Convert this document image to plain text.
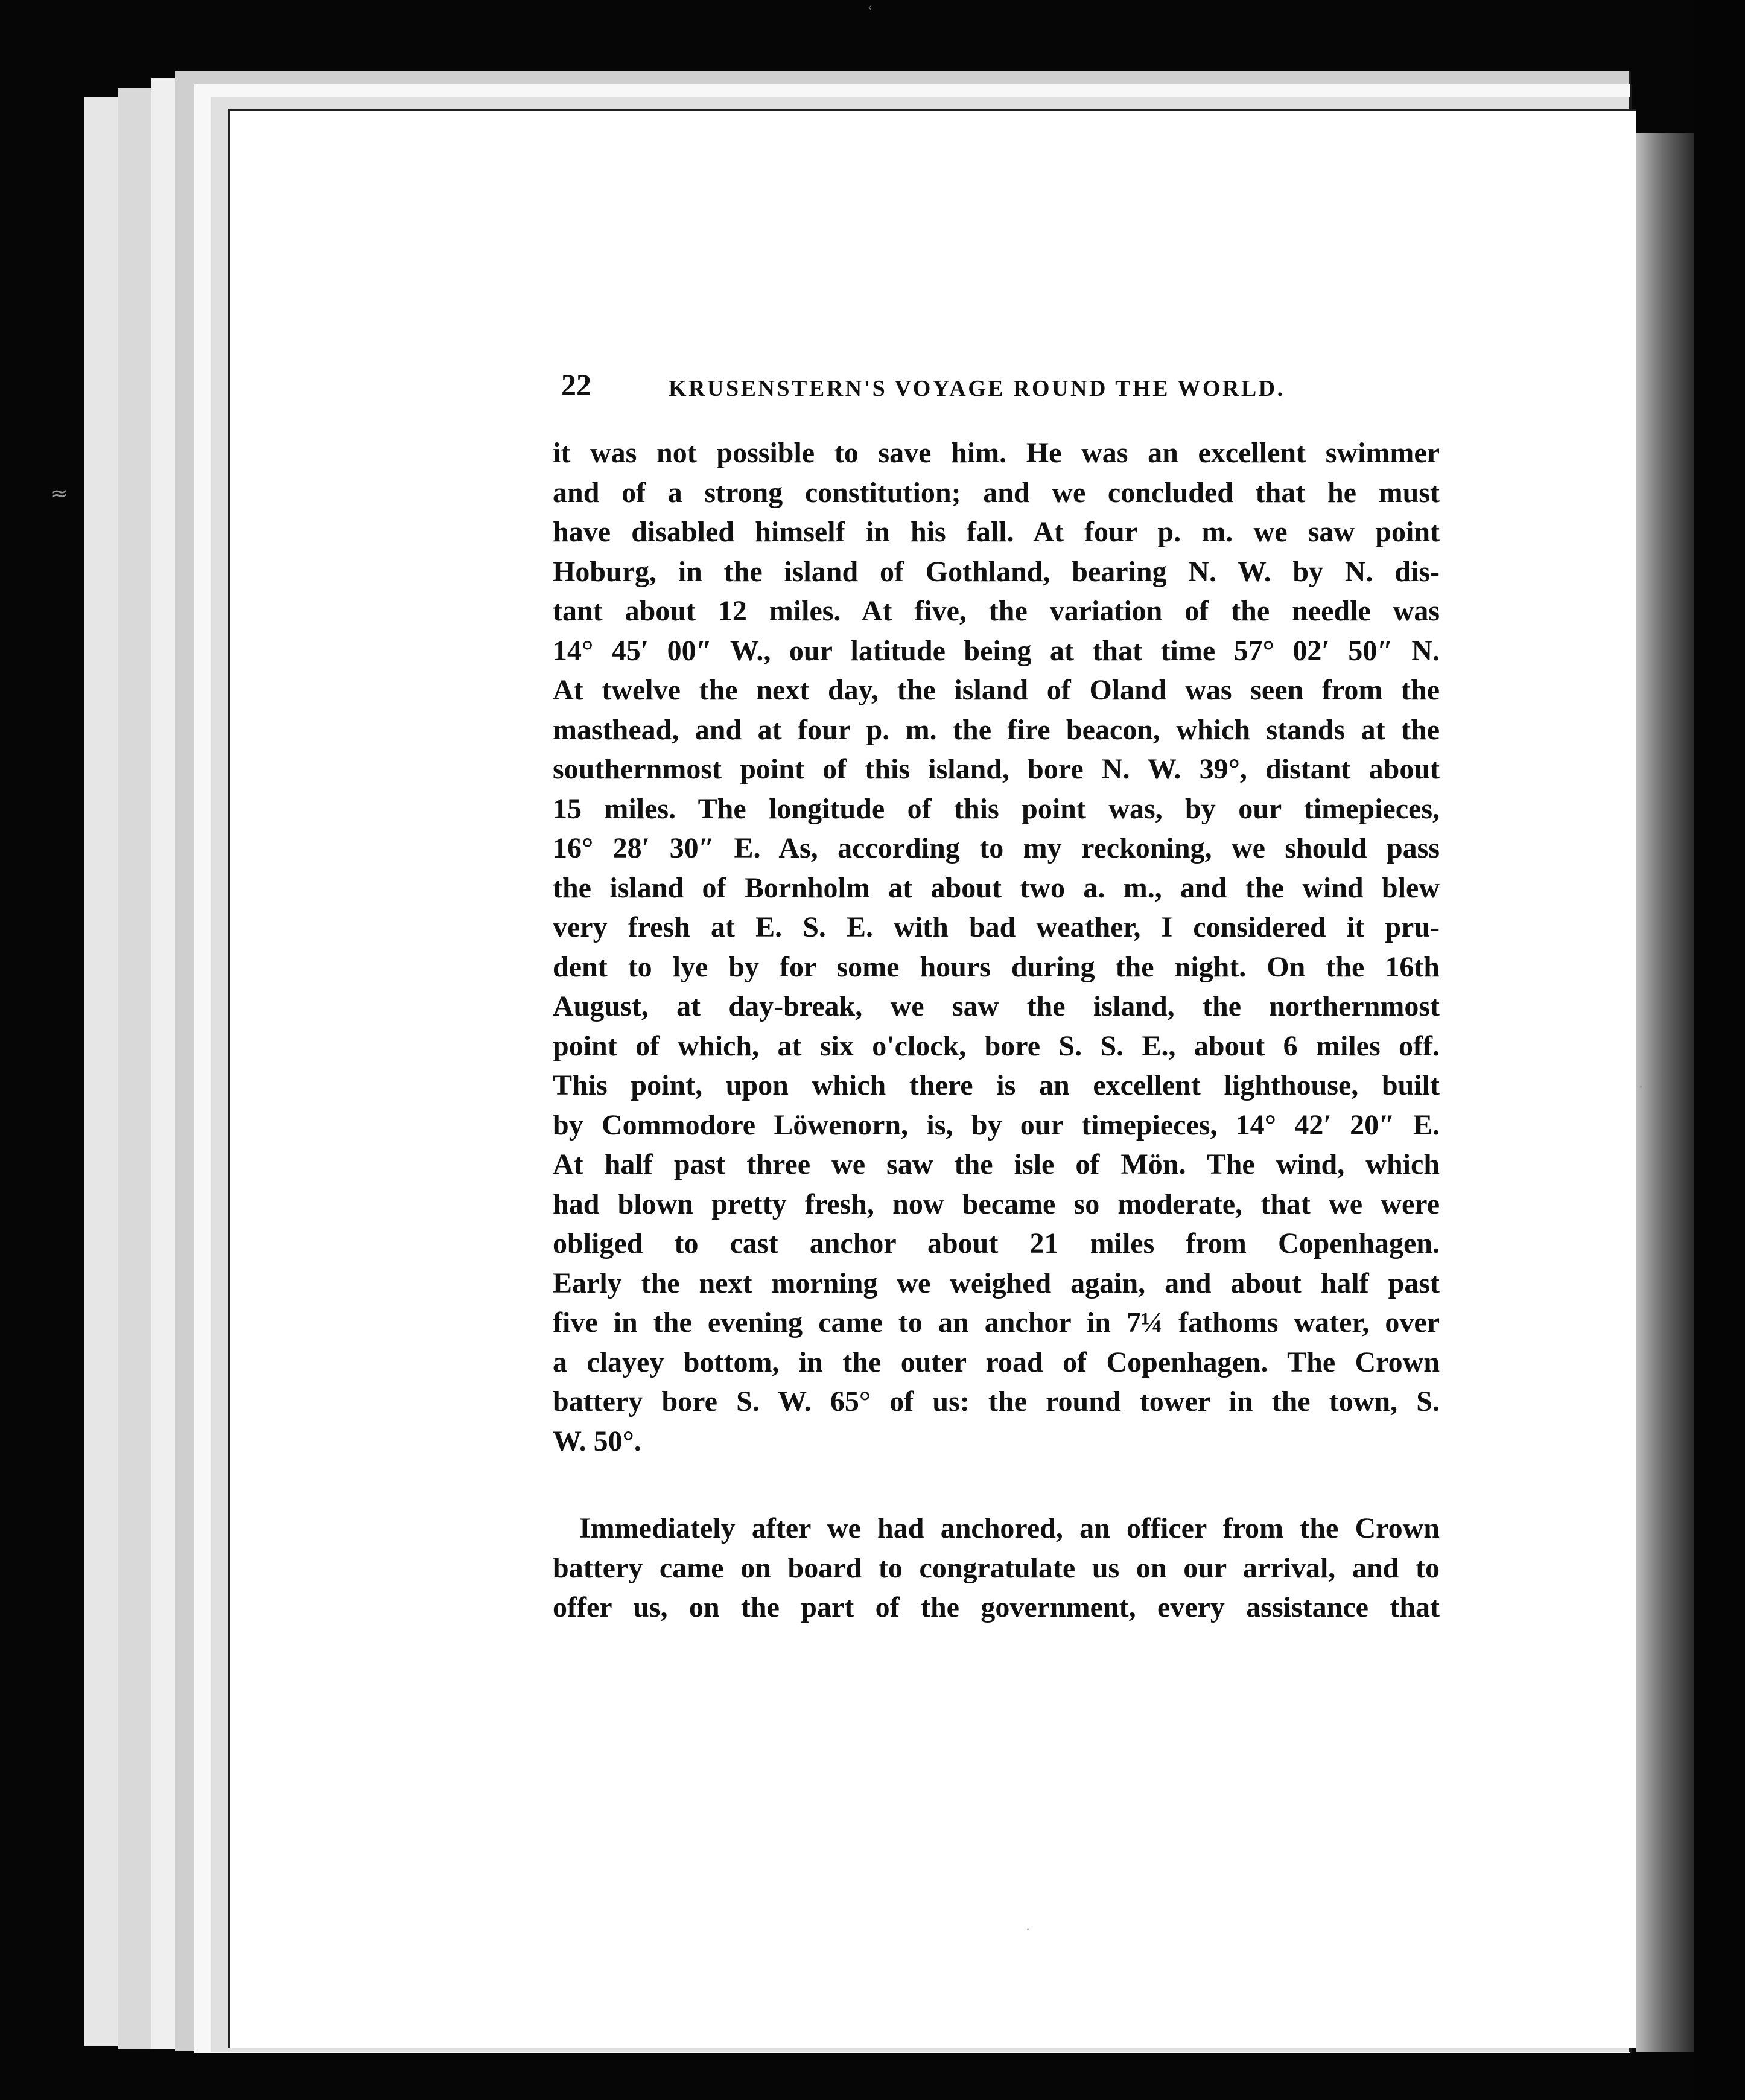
‹
≈
·
·
22	KRUSENSTERN'S VOYAGE ROUND THE WORLD.
it was not possible to save him. He was an excellent swimmer
and of a strong constitution; and we concluded that he must
have disabled himself in his fall. At four p. m. we saw point
Hoburg, in the island of Gothland, bearing N. W. by N. dis-
tant about 12 miles. At five, the variation of the needle was
14° 45′ 00″ W., our latitude being at that time 57° 02′ 50″ N.
At twelve the next day, the island of Oland was seen from the
masthead, and at four p. m. the fire beacon, which stands at the
southernmost point of this island, bore N. W. 39°, distant about
15 miles. The longitude of this point was, by our timepieces,
16° 28′ 30″ E. As, according to my reckoning, we should pass
the island of Bornholm at about two a. m., and the wind blew
very fresh at E. S. E. with bad weather, I considered it pru-
dent to lye by for some hours during the night. On the 16th
August, at day-break, we saw the island, the northernmost
point of which, at six o'clock, bore S. S. E., about 6 miles off.
This point, upon which there is an excellent lighthouse, built
by Commodore Löwenorn, is, by our timepieces, 14° 42′ 20″ E.
At half past three we saw the isle of Mön. The wind, which
had blown pretty fresh, now became so moderate, that we were
obliged to cast anchor about 21 miles from Copenhagen.
Early the next morning we weighed again, and about half past
five in the evening came to an anchor in 7¼ fathoms water, over
a clayey bottom, in the outer road of Copenhagen. The Crown
battery bore S. W. 65° of us: the round tower in the town, S.
W. 50°.
Immediately after we had anchored, an officer from the Crown
battery came on board to congratulate us on our arrival, and to
offer us, on the part of the government, every assistance that
